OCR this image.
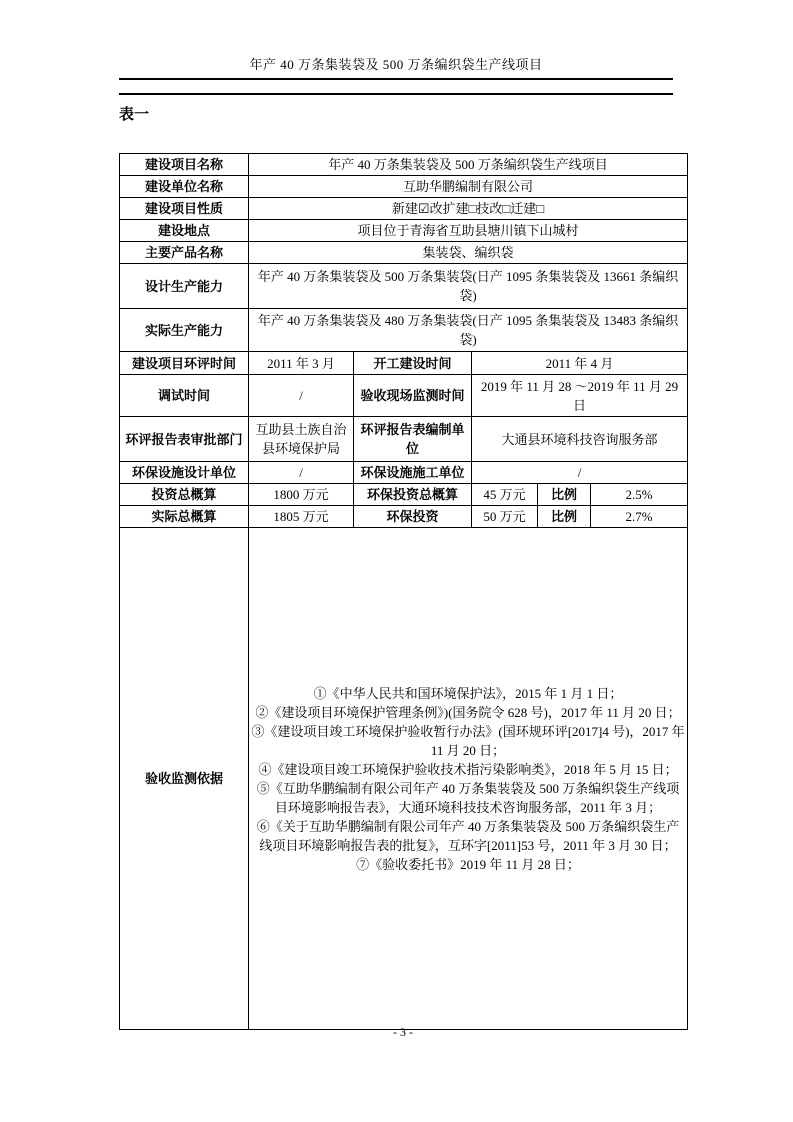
年产 40 万条集装袋及 500 万条编织袋生产线项目

表一

建设项目名称	年产 40 万条集装袋及 500 万条编织袋生产线项目				
建设单位名称	互助华鹏编制有限公司				
建设项目性质	新建☑改扩建□技改□迁建□				
建设地点	项目位于青海省互助县塘川镇下山城村				
主要产品名称	集装袋、编织袋				
设计生产能力	年产 40 万条集装袋及 500 万条集装袋(日产 1095 条集装袋及 13661 条编织袋)				
实际生产能力	年产 40 万条集装袋及 480 万条集装袋(日产 1095 条集装袋及 13483 条编织袋)				
建设项目环评时间	2011 年 3 月	开工建设时间	2011 年 4 月		
调试时间	/	验收现场监测时间	2019 年 11 月 28 ～2019 年 11 月 29 日		
环评报告表审批部门	互助县土族自治县环境保护局	环评报告表编制单位	大通县环境科技咨询服务部		
环保设施设计单位	/	环保设施施工单位	/		
投资总概算	1800 万元	环保投资总概算	45 万元	比例	2.5%
实际总概算	1805 万元	环保投资	50 万元	比例	2.7%
验收监测依据	

①《中华人民共和国环境保护法》，2015 年 1 月 1 日；

②《建设项目环境保护管理条例》)(国务院令 628 号)，2017 年 11 月 20 日；

③《建设项目竣工环境保护验收暂行办法》(国环规环评[2017]4 号)，2017 年 11 月 20 日；

④《建设项目竣工环境保护验收技术指污染影响类》，2018 年 5 月 15 日；

⑤《互助华鹏编制有限公司年产 40 万条集装袋及 500 万条编织袋生产线项目环境影响报告表》，大通环境科技技术咨询服务部，2011 年 3 月；

⑥《关于互助华鹏编制有限公司年产 40 万条集装袋及 500 万条编织袋生产线项目环境影响报告表的批复》，互环字[2011]53 号，2011 年 3 月 30 日；

⑦《验收委托书》2019 年 11 月 28 日；

- 3 -
